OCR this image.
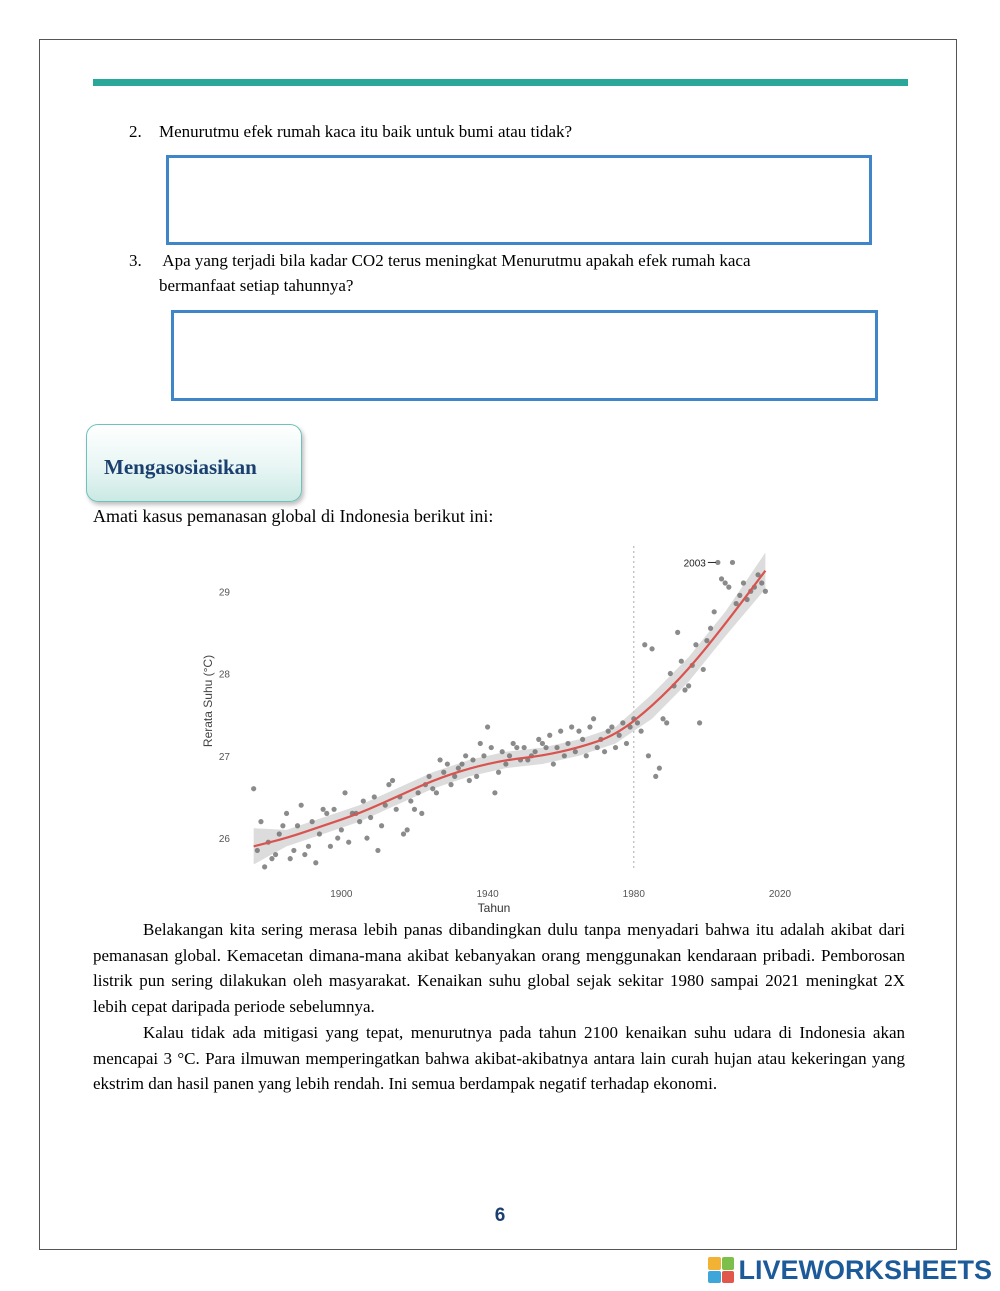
2. Menurutmu efek rumah kaca itu baik untuk bumi atau tidak?
3. Apa yang terjadi bila kadar CO2 terus meningkat Menurutmu apakah efek rumah kaca
bermanfaat setiap tahunnya?
Mengasosiasikan
Amati kasus pemanasan global di Indonesia berikut ini:
Rerata Suhu (°C)
Tahun
26
27
28
29
1900	1940	1980	2020
2003
Belakangan kita sering merasa lebih panas dibandingkan dulu tanpa menyadari bahwa itu adalah akibat dari pemanasan global. Kemacetan dimana-mana akibat kebanyakan orang menggunakan kendaraan pribadi. Pemborosan listrik pun sering dilakukan oleh masyarakat. Kenaikan suhu global sejak sekitar 1980 sampai 2021 meningkat 2X lebih cepat daripada periode sebelumnya.
Kalau tidak ada mitigasi yang tepat, menurutnya pada tahun 2100 kenaikan suhu udara di Indonesia akan mencapai 3 °C. Para ilmuwan memperingatkan bahwa akibat-akibatnya antara lain curah hujan atau kekeringan yang ekstrim dan hasil panen yang lebih rendah. Ini semua berdampak negatif terhadap ekonomi.
6
LIVEWORKSHEETS
